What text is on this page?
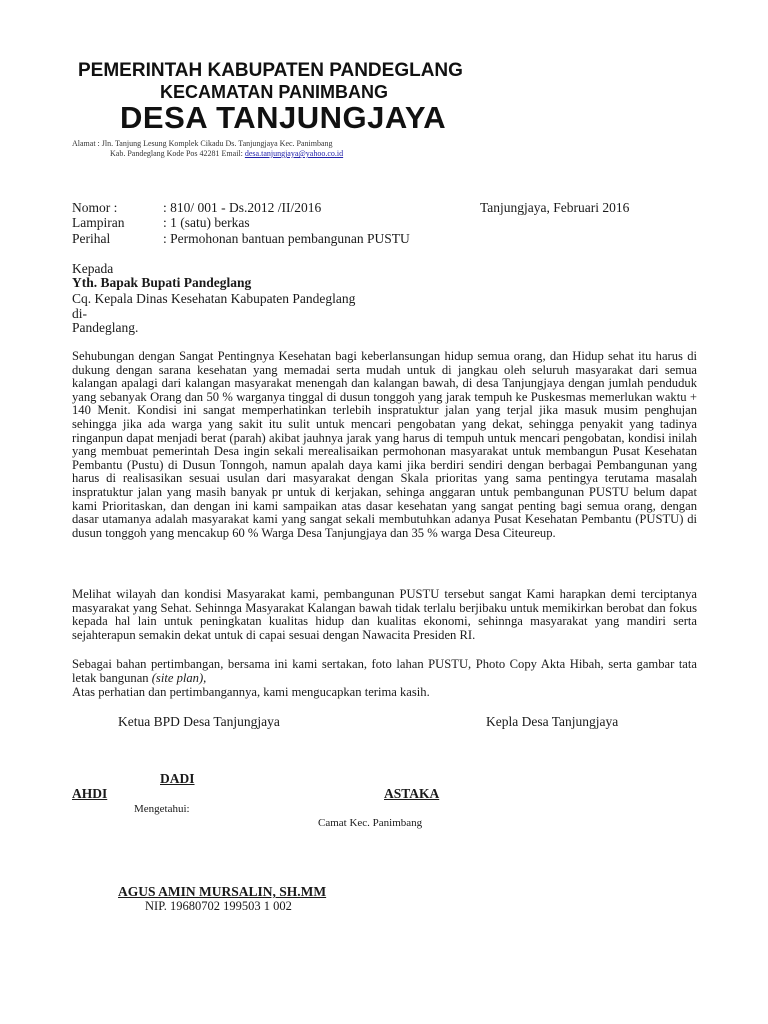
PEMERINTAH KABUPATEN PANDEGLANG
KECAMATAN PANIMBANG
DESA TANJUNGJAYA
Alamat : Jln. Tanjung Lesung Komplek Cikadu Ds. Tanjungjaya Kec. Panimbang
Kab. Pandeglang Kode Pos 42281 Email: desa.tanjungjaya@yahoo.co.id
Nomor :	: 810/ 001 - Ds.2012 /II/2016	Tanjungjaya, Februari 2016
Lampiran	: 1 (satu) berkas
Perihal	: Permohonan bantuan pembangunan PUSTU
Kepada
Yth. Bapak Bupati Pandeglang
Cq. Kepala Dinas Kesehatan Kabupaten Pandeglang
di-
Pandeglang.
Sehubungan dengan Sangat Pentingnya Kesehatan bagi keberlansungan hidup semua orang, dan Hidup sehat itu harus di dukung dengan sarana kesehatan yang memadai serta mudah untuk di jangkau oleh seluruh masyarakat dari semua kalangan apalagi dari kalangan masyarakat menengah dan kalangan bawah, di desa Tanjungjaya dengan jumlah penduduk yang sebanyak Orang dan 50 % warganya tinggal di dusun tonggoh yang jarak tempuh ke Puskesmas memerlukan waktu + 140 Menit. Kondisi ini sangat memperhatinkan terlebih inspratuktur jalan yang terjal jika masuk musim penghujan sehingga jika ada warga yang sakit itu sulit untuk mencari pengobatan yang dekat, sehingga penyakit yang tadinya ringanpun dapat menjadi berat (parah) akibat jauhnya jarak yang harus di tempuh untuk mencari pengobatan, kondisi inilah yang membuat pemerintah Desa ingin sekali merealisaikan permohonan masyarakat untuk membangun Pusat Kesehatan Pembantu (Pustu) di Dusun Tonngoh, namun apalah daya kami jika berdiri sendiri dengan berbagai Pembangunan yang harus di realisasikan sesuai usulan dari masyarakat dengan Skala prioritas yang sama pentingya terutama masalah inspratuktur jalan yang masih banyak pr untuk di kerjakan, sehinga anggaran untuk pembangunan PUSTU belum dapat kami Prioritaskan, dan dengan ini kami sampaikan atas dasar kesehatan yang sangat penting bagi semua orang, dengan dasar utamanya adalah masyarakat kami yang sangat sekali membutuhkan adanya Pusat Kesehatan Pembantu (PUSTU) di dusun tonggoh yang mencakup 60 % Warga Desa Tanjungjaya dan 35 % warga Desa Citeureup.
Melihat wilayah dan kondisi Masyarakat kami, pembangunan PUSTU tersebut sangat Kami harapkan demi terciptanya masyarakat yang Sehat. Sehinnga Masyarakat Kalangan bawah tidak terlalu berjibaku untuk memikirkan berobat dan fokus kepada hal lain untuk peningkatan kualitas hidup dan kualitas ekonomi, sehinnga masyarakat yang mandiri serta sejahterapun semakin dekat untuk di capai sesuai dengan Nawacita Presiden RI.
Sebagai bahan pertimbangan, bersama ini kami sertakan, foto lahan PUSTU, Photo Copy Akta Hibah, serta gambar tata letak bangunan (site plan),
Atas perhatian dan pertimbangannya, kami mengucapkan terima kasih.
Ketua BPD Desa Tanjungjaya	Kepla Desa Tanjungjaya
DADI
AHDI	ASTAKA
Mengetahui:
Camat Kec. Panimbang
AGUS AMIN MURSALIN, SH.MM
NIP. 19680702 199503 1 002
